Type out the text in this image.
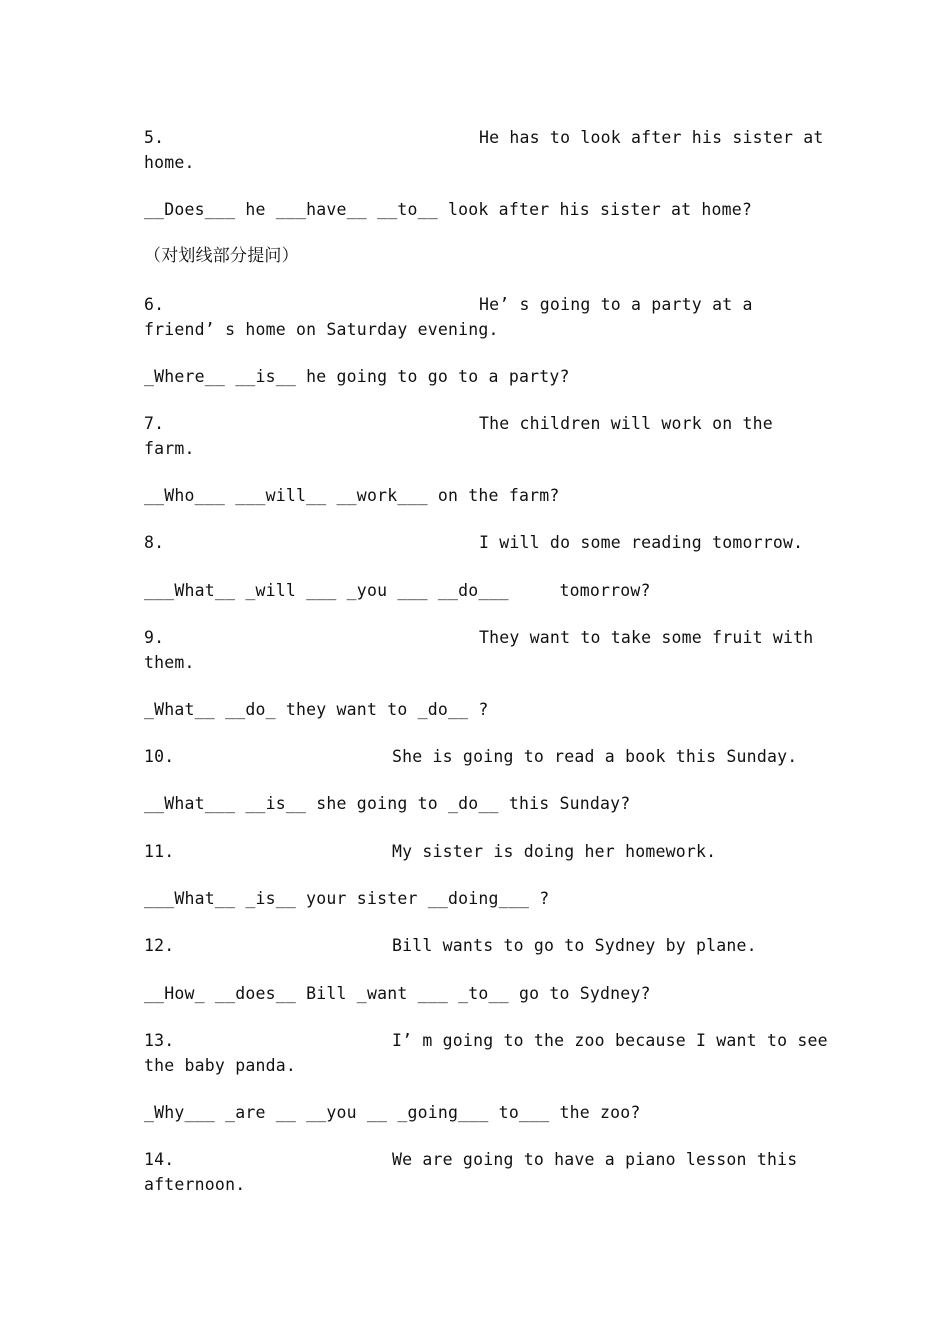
5.

	He has to look after his sister at

home.

__Does___ he ___have__ __to__ look after his sister at home?
（对划线部分提问）

6.

	He’ s going to a party at a

friend’ s home on Saturday evening.

_Where__ __is__ he going to go to a party?

7.

	The children will work on the

farm.

__Who___ ___will__ __work___ on the farm?

8.

	I will do some reading tomorrow.

___What__ _will ___ _you ___ __do___     tomorrow?

9.

	They want to take some fruit with

them.

_What__ __do_ they want to _do__ ?

10.

	She is going to read a book this Sunday.

__What___ __is__ she going to _do__ this Sunday?

11.

	My sister is doing her homework.

___What__ _is__ your sister __doing___ ?

12.

	Bill wants to go to Sydney by plane.

__How_ __does__ Bill _want ___ _to__ go to Sydney?

13.

	I’ m going to the zoo because I want to see

the baby panda.

_Why___ _are __ __you __ _going___ to___ the zoo?

14.

	We are going to have a piano lesson this

afternoon.
